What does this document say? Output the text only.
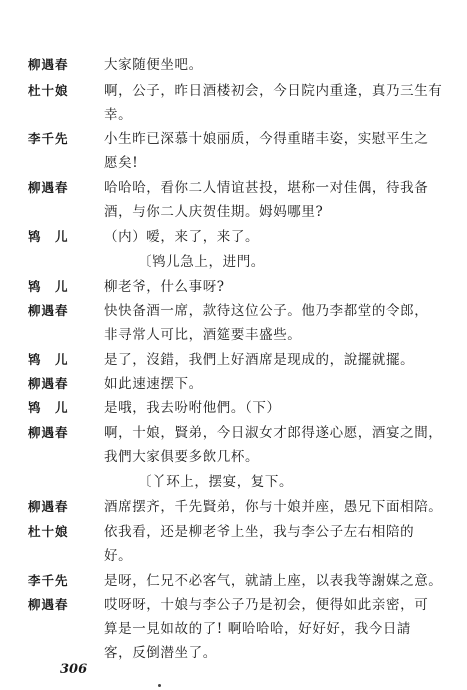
柳遇春	大家随便坐吧。
杜十娘	啊，公子，昨日酒楼初会，今日院内重逢，真乃三生有
幸。
李千先	小生昨已深慕十娘丽质，今得重睹丰姿，实慰平生之
愿矣!
柳遇春	哈哈哈，看你二人情谊甚投，堪称一对佳偶，待我备
酒，与你二人庆贺佳期。姆妈哪里?
鸨　儿	（内）嗳，来了，来了。
〔鸨儿急上，进門。
鸨　儿	柳老爷，什么事呀?
柳遇春	快快备酒一席，款待这位公子。他乃李都堂的令郎，
非寻常人可比，酒筵要丰盛些。
鸨　儿	是了，沒錯，我們上好酒席是现成的，說擺就擺。
柳遇春	如此速速摆下。
鸨　儿	是哦，我去吩咐他們。（下）
柳遇春	啊，十娘，賢弟，今日淑女才郎得遂心愿，酒宴之間，
我們大家俱要多飲几杯。
〔丫环上，摆宴，复下。
柳遇春	酒席摆齐，千先賢弟，你与十娘并座，愚兄下面相陪。
杜十娘	依我看，还是柳老爷上坐，我与李公子左右相陪的
好。
李千先	是呀，仁兄不必客气，就請上座，以表我等謝媒之意。
柳遇春	哎呀呀，十娘与李公子乃是初会，便得如此亲密，可
算是一見如故的了! 啊哈哈哈，好好好，我今日請
客，反倒潜坐了。
306
